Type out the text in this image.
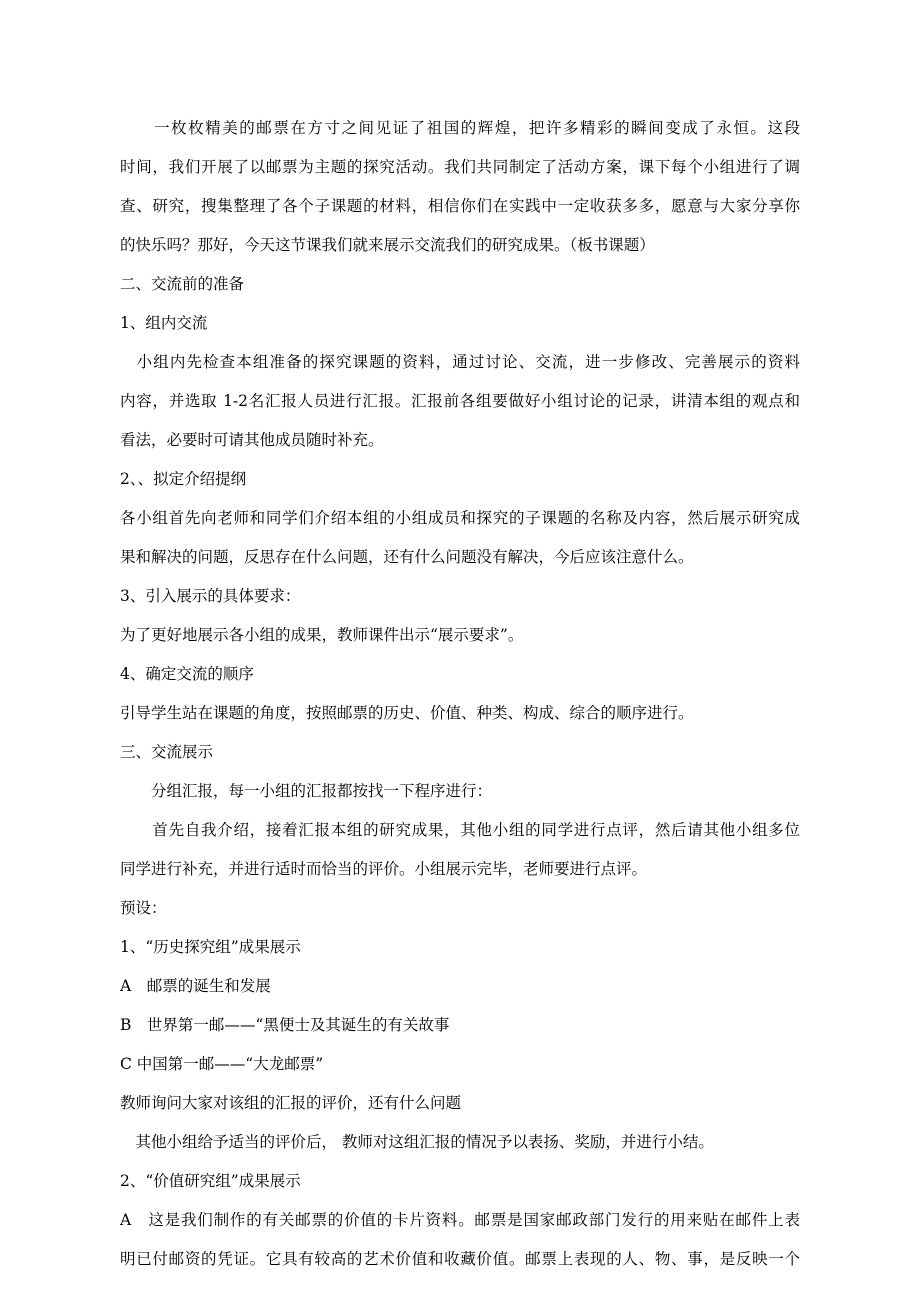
　　一枚枚精美的邮票在方寸之间见证了祖国的辉煌，把许多精彩的瞬间变成了永恒。这段
时间，我们开展了以邮票为主题的探究活动。我们共同制定了活动方案，课下每个小组进行了调
查、研究，搜集整理了各个子课题的材料，相信你们在实践中一定收获多多，愿意与大家分享你
的快乐吗？那好，今天这节课我们就来展示交流我们的研究成果。（板书课题）
二、交流前的准备
1、组内交流
　小组内先检查本组准备的探究课题的资料，通过讨论、交流，进一步修改、完善展示的资料
内容，并选取 1-2名汇报人员进行汇报。汇报前各组要做好小组讨论的记录，讲清本组的观点和
看法，必要时可请其他成员随时补充。
2、、拟定介绍提纲
各小组首先向老师和同学们介绍本组的小组成员和探究的子课题的名称及内容，然后展示研究成
果和解决的问题，反思存在什么问题，还有什么问题没有解决，今后应该注意什么。
3、引入展示的具体要求：
为了更好地展示各小组的成果，教师课件出示“展示要求”。
4、确定交流的顺序
引导学生站在课题的角度，按照邮票的历史、价值、种类、构成、综合的顺序进行。
三、交流展示
　　分组汇报，每一小组的汇报都按找一下程序进行：
　　首先自我介绍，接着汇报本组的研究成果，其他小组的同学进行点评，然后请其他小组多位
同学进行补充，并进行适时而恰当的评价。小组展示完毕，老师要进行点评。
预设：
1、“历史探究组”成果展示
A　邮票的诞生和发展
B　世界第一邮——“黑便士及其诞生的有关故事
C 中国第一邮——“大龙邮票”
教师询问大家对该组的汇报的评价，还有什么问题
　其他小组给予适当的评价后， 教师对这组汇报的情况予以表扬、奖励，并进行小结。
2、“价值研究组”成果展示
A　这是我们制作的有关邮票的价值的卡片资料。邮票是国家邮政部门发行的用来贴在邮件上表
明已付邮资的凭证。它具有较高的艺术价值和收藏价值。邮票上表现的人、物、事，是反映一个
